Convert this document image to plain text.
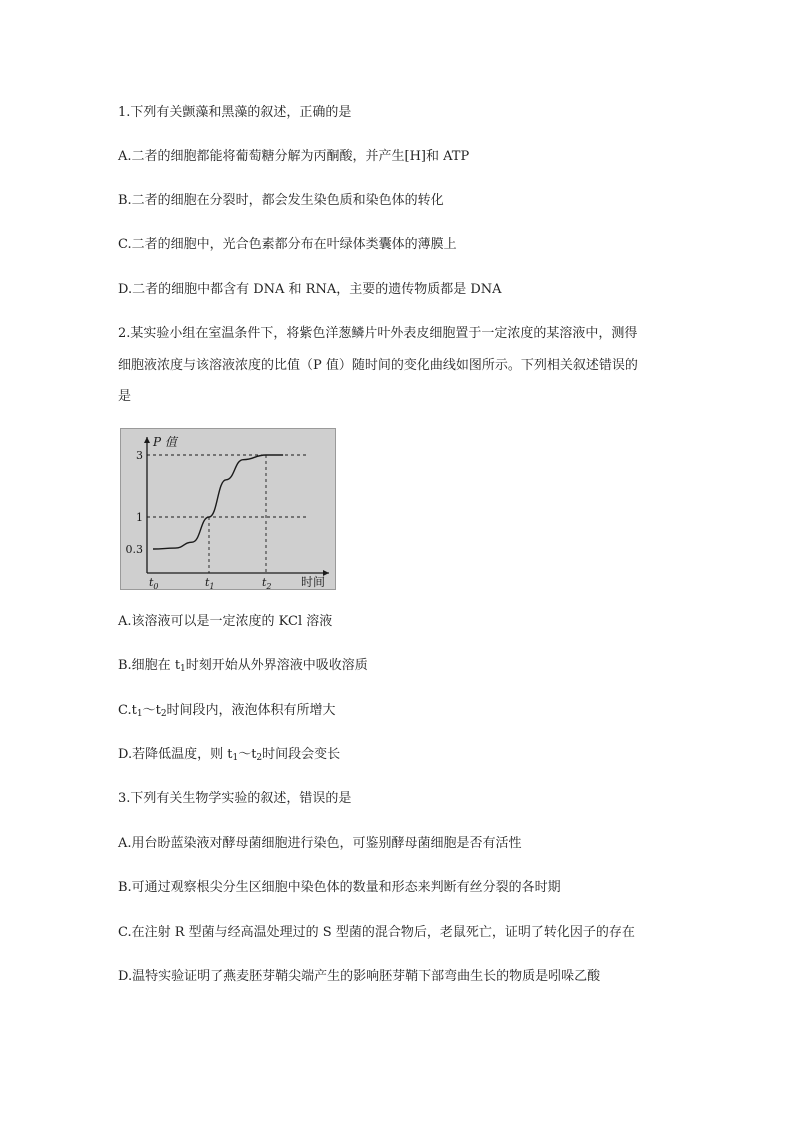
1.下列有关颤藻和黑藻的叙述，正确的是
A.二者的细胞都能将葡萄糖分解为丙酮酸，并产生[H]和 ATP
B.二者的细胞在分裂时，都会发生染色质和染色体的转化
C.二者的细胞中，光合色素都分布在叶绿体类囊体的薄膜上
D.二者的细胞中都含有 DNA 和 RNA，主要的遗传物质都是 DNA
2.某实验小组在室温条件下，将紫色洋葱鳞片叶外表皮细胞置于一定浓度的某溶液中，测得
细胞液浓度与该溶液浓度的比值（P 值）随时间的变化曲线如图所示。下列相关叙述错误的
是
0.3
1
3
$t_0$	$t_1$	$t_2$
P 值
时间
A.该溶液可以是一定浓度的 KCl 溶液
B.细胞在 $t_1$时刻开始从外界溶液中吸收溶质
$C.t_1\sim t_2$时间段内，液泡体积有所增大
D.若降低温度，则 $t_1\sim t_2$时间段会变长
3.下列有关生物学实验的叙述，错误的是
A.用台盼蓝染液对酵母菌细胞进行染色，可鉴别酵母菌细胞是否有活性
B.可通过观察根尖分生区细胞中染色体的数量和形态来判断有丝分裂的各时期
C.在注射 R 型菌与经高温处理过的 S 型菌的混合物后，老鼠死亡，证明了转化因子的存在
D.温特实验证明了燕麦胚芽鞘尖端产生的影响胚芽鞘下部弯曲生长的物质是吲哚乙酸
